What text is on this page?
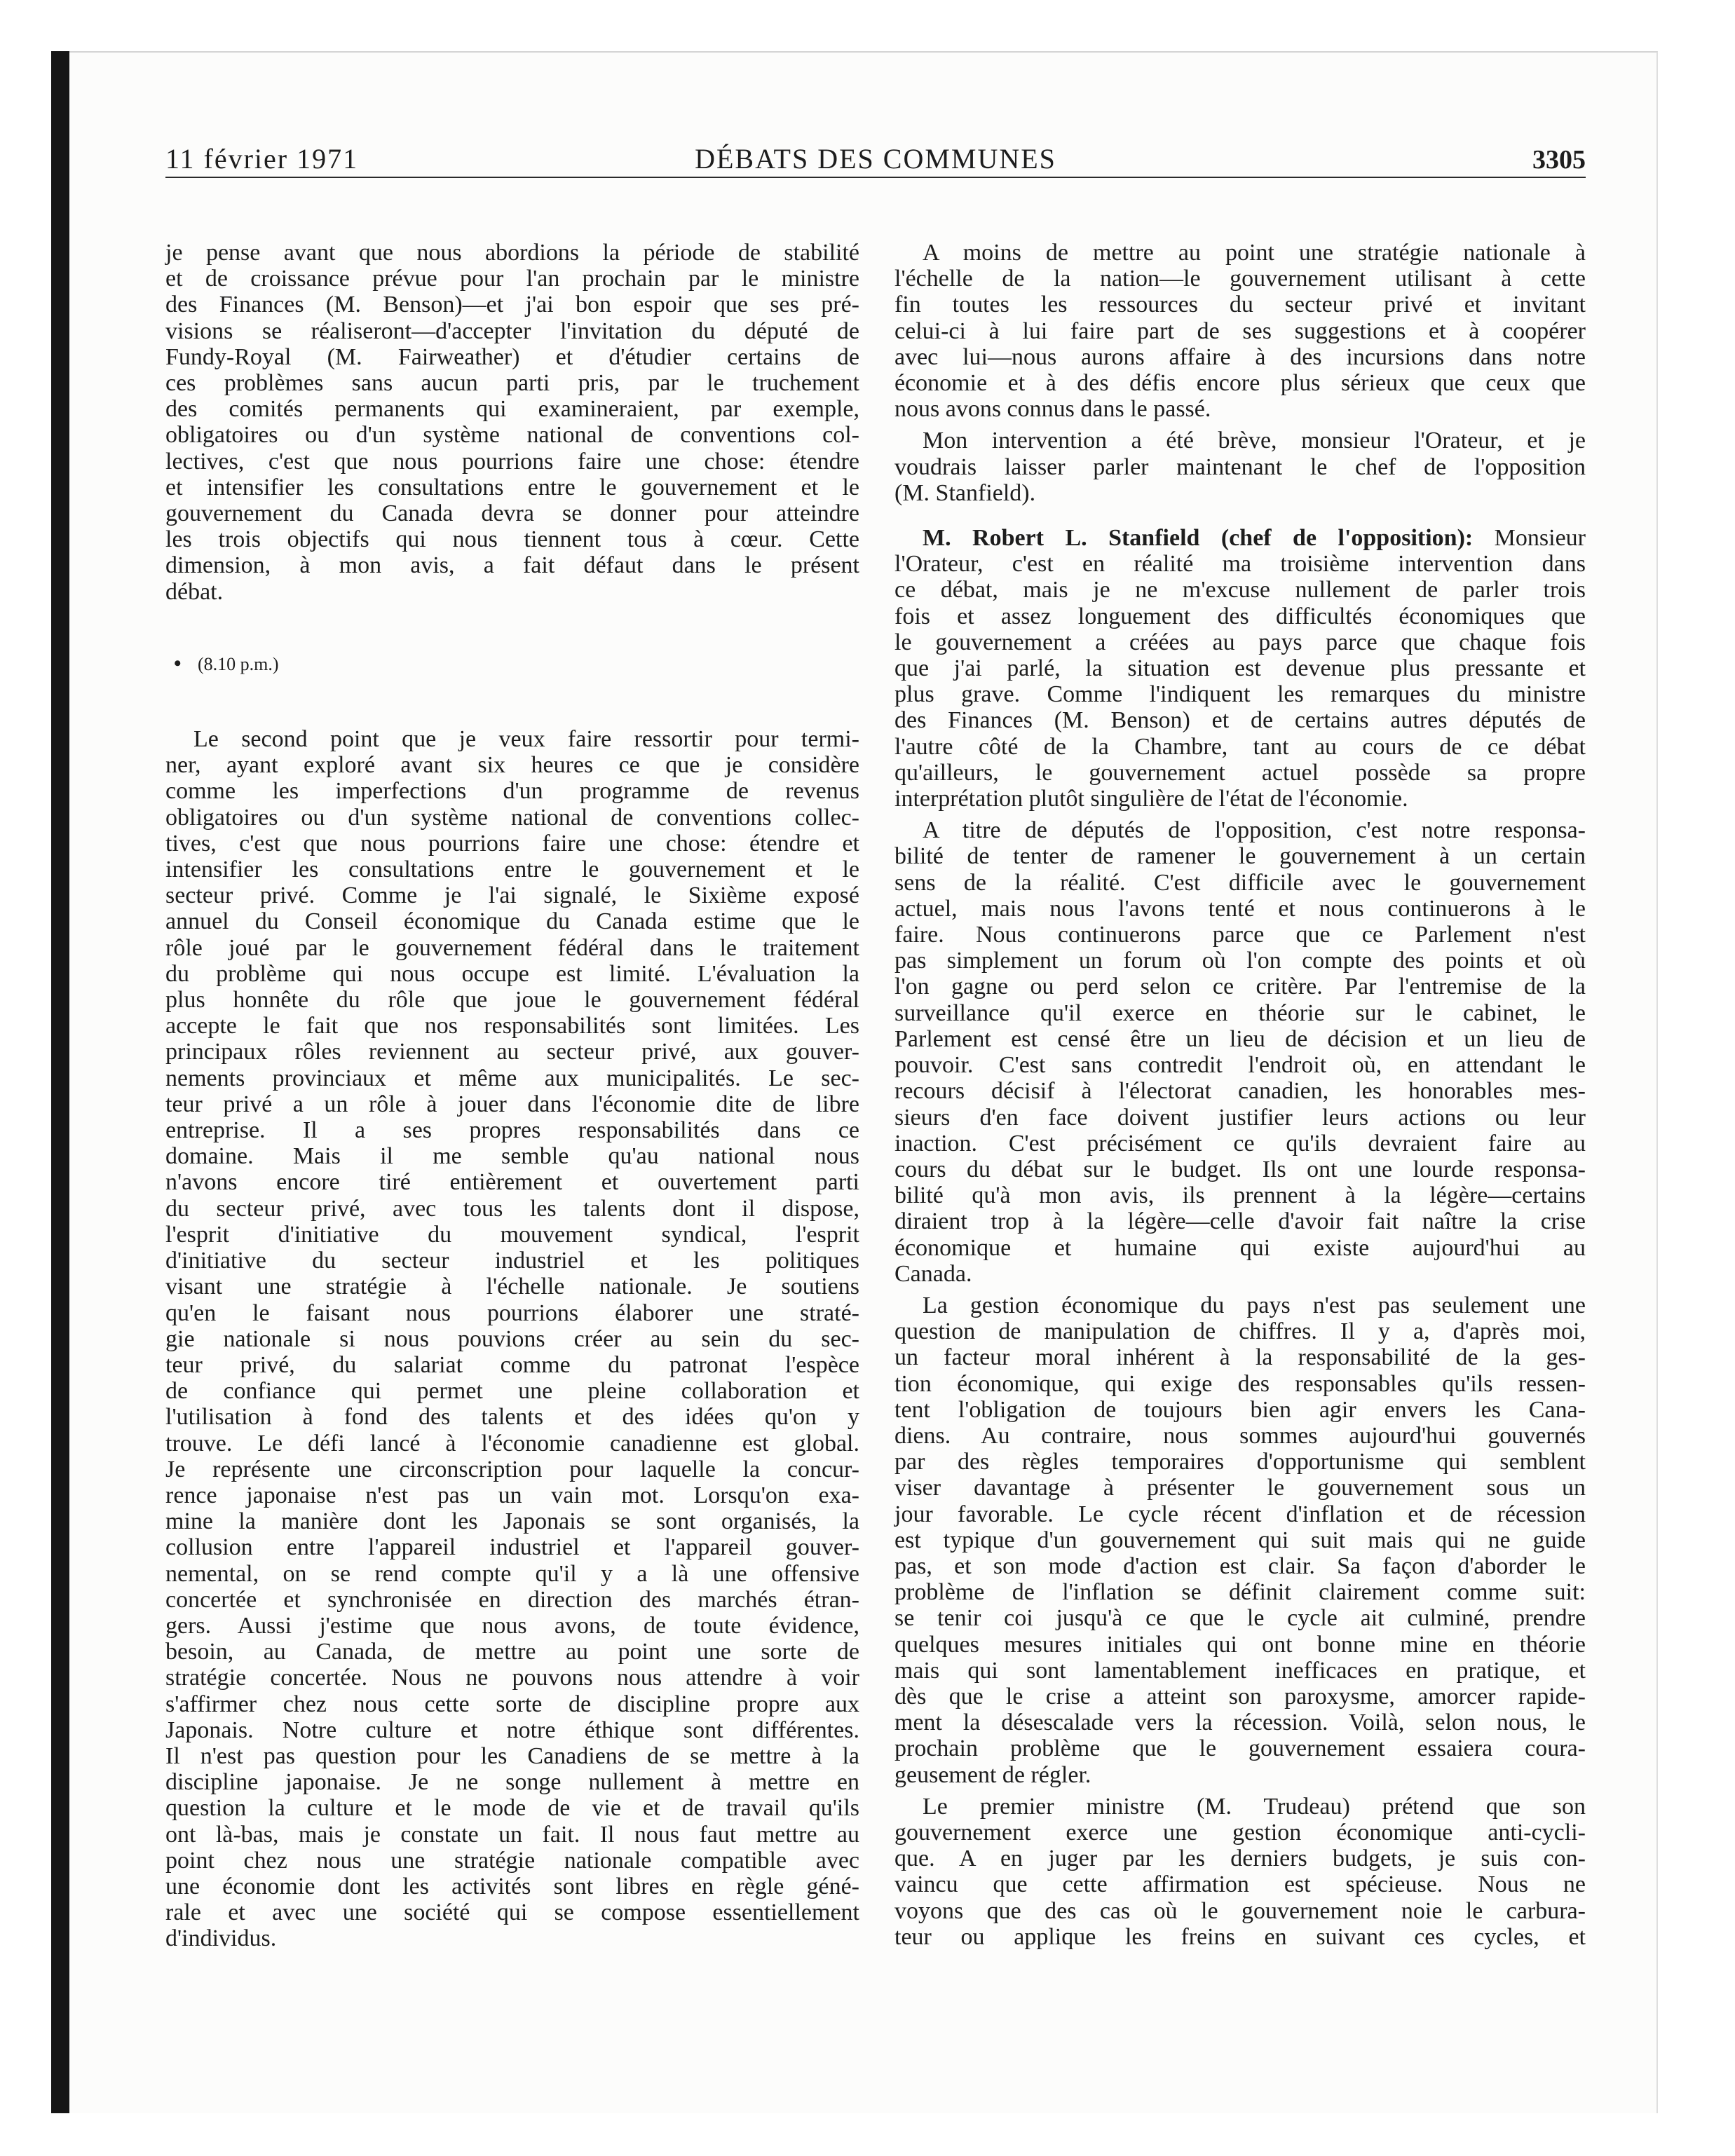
11 février 1971	DÉBATS DES COMMUNES	3305
je pense avant que nous abordions la période de stabilité
et de croissance prévue pour l'an prochain par le ministre
des Finances (M. Benson)—et j'ai bon espoir que ses pré-
visions se réaliseront—d'accepter l'invitation du député de
Fundy-Royal (M. Fairweather) et d'étudier certains de
ces problèmes sans aucun parti pris, par le truchement
des comités permanents qui examineraient, par exemple,
obligatoires ou d'un système national de conventions col-
lectives, c'est que nous pourrions faire une chose: étendre
et intensifier les consultations entre le gouvernement et le
gouvernement du Canada devra se donner pour atteindre
les trois objectifs qui nous tiennent tous à cœur. Cette
dimension, à mon avis, a fait défaut dans le présent
débat.
• (8.10 p.m.)
Le second point que je veux faire ressortir pour termi-
ner, ayant exploré avant six heures ce que je considère
comme les imperfections d'un programme de revenus
obligatoires ou d'un système national de conventions collec-
tives, c'est que nous pourrions faire une chose: étendre et
intensifier les consultations entre le gouvernement et le
secteur privé. Comme je l'ai signalé, le Sixième exposé
annuel du Conseil économique du Canada estime que le
rôle joué par le gouvernement fédéral dans le traitement
du problème qui nous occupe est limité. L'évaluation la
plus honnête du rôle que joue le gouvernement fédéral
accepte le fait que nos responsabilités sont limitées. Les
principaux rôles reviennent au secteur privé, aux gouver-
nements provinciaux et même aux municipalités. Le sec-
teur privé a un rôle à jouer dans l'économie dite de libre
entreprise. Il a ses propres responsabilités dans ce
domaine. Mais il me semble qu'au national nous
n'avons encore tiré entièrement et ouvertement parti
du secteur privé, avec tous les talents dont il dispose,
l'esprit d'initiative du mouvement syndical, l'esprit
d'initiative du secteur industriel et les politiques
visant une stratégie à l'échelle nationale. Je soutiens
qu'en le faisant nous pourrions élaborer une straté-
gie nationale si nous pouvions créer au sein du sec-
teur privé, du salariat comme du patronat l'espèce
de confiance qui permet une pleine collaboration et
l'utilisation à fond des talents et des idées qu'on y
trouve. Le défi lancé à l'économie canadienne est global.
Je représente une circonscription pour laquelle la concur-
rence japonaise n'est pas un vain mot. Lorsqu'on exa-
mine la manière dont les Japonais se sont organisés, la
collusion entre l'appareil industriel et l'appareil gouver-
nemental, on se rend compte qu'il y a là une offensive
concertée et synchronisée en direction des marchés étran-
gers. Aussi j'estime que nous avons, de toute évidence,
besoin, au Canada, de mettre au point une sorte de
stratégie concertée. Nous ne pouvons nous attendre à voir
s'affirmer chez nous cette sorte de discipline propre aux
Japonais. Notre culture et notre éthique sont différentes.
Il n'est pas question pour les Canadiens de se mettre à la
discipline japonaise. Je ne songe nullement à mettre en
question la culture et le mode de vie et de travail qu'ils
ont là-bas, mais je constate un fait. Il nous faut mettre au
point chez nous une stratégie nationale compatible avec
une économie dont les activités sont libres en règle géné-
rale et avec une société qui se compose essentiellement
d'individus.
A moins de mettre au point une stratégie nationale à
l'échelle de la nation—le gouvernement utilisant à cette
fin toutes les ressources du secteur privé et invitant
celui-ci à lui faire part de ses suggestions et à coopérer
avec lui—nous aurons affaire à des incursions dans notre
économie et à des défis encore plus sérieux que ceux que
nous avons connus dans le passé.
Mon intervention a été brève, monsieur l'Orateur, et je
voudrais laisser parler maintenant le chef de l'opposition
(M. Stanfield).
M. Robert L. Stanfield (chef de l'opposition): Monsieur
l'Orateur, c'est en réalité ma troisième intervention dans
ce débat, mais je ne m'excuse nullement de parler trois
fois et assez longuement des difficultés économiques que
le gouvernement a créées au pays parce que chaque fois
que j'ai parlé, la situation est devenue plus pressante et
plus grave. Comme l'indiquent les remarques du ministre
des Finances (M. Benson) et de certains autres députés de
l'autre côté de la Chambre, tant au cours de ce débat
qu'ailleurs, le gouvernement actuel possède sa propre
interprétation plutôt singulière de l'état de l'économie.
A titre de députés de l'opposition, c'est notre responsa-
bilité de tenter de ramener le gouvernement à un certain
sens de la réalité. C'est difficile avec le gouvernement
actuel, mais nous l'avons tenté et nous continuerons à le
faire. Nous continuerons parce que ce Parlement n'est
pas simplement un forum où l'on compte des points et où
l'on gagne ou perd selon ce critère. Par l'entremise de la
surveillance qu'il exerce en théorie sur le cabinet, le
Parlement est censé être un lieu de décision et un lieu de
pouvoir. C'est sans contredit l'endroit où, en attendant le
recours décisif à l'électorat canadien, les honorables mes-
sieurs d'en face doivent justifier leurs actions ou leur
inaction. C'est précisément ce qu'ils devraient faire au
cours du débat sur le budget. Ils ont une lourde responsa-
bilité qu'à mon avis, ils prennent à la légère—certains
diraient trop à la légère—celle d'avoir fait naître la crise
économique et humaine qui existe aujourd'hui au
Canada.
La gestion économique du pays n'est pas seulement une
question de manipulation de chiffres. Il y a, d'après moi,
un facteur moral inhérent à la responsabilité de la ges-
tion économique, qui exige des responsables qu'ils ressen-
tent l'obligation de toujours bien agir envers les Cana-
diens. Au contraire, nous sommes aujourd'hui gouvernés
par des règles temporaires d'opportunisme qui semblent
viser davantage à présenter le gouvernement sous un
jour favorable. Le cycle récent d'inflation et de récession
est typique d'un gouvernement qui suit mais qui ne guide
pas, et son mode d'action est clair. Sa façon d'aborder le
problème de l'inflation se définit clairement comme suit:
se tenir coi jusqu'à ce que le cycle ait culminé, prendre
quelques mesures initiales qui ont bonne mine en théorie
mais qui sont lamentablement inefficaces en pratique, et
dès que le crise a atteint son paroxysme, amorcer rapide-
ment la désescalade vers la récession. Voilà, selon nous, le
prochain problème que le gouvernement essaiera coura-
geusement de régler.
Le premier ministre (M. Trudeau) prétend que son
gouvernement exerce une gestion économique anti-cycli-
que. A en juger par les derniers budgets, je suis con-
vaincu que cette affirmation est spécieuse. Nous ne
voyons que des cas où le gouvernement noie le carbura-
teur ou applique les freins en suivant ces cycles, et
